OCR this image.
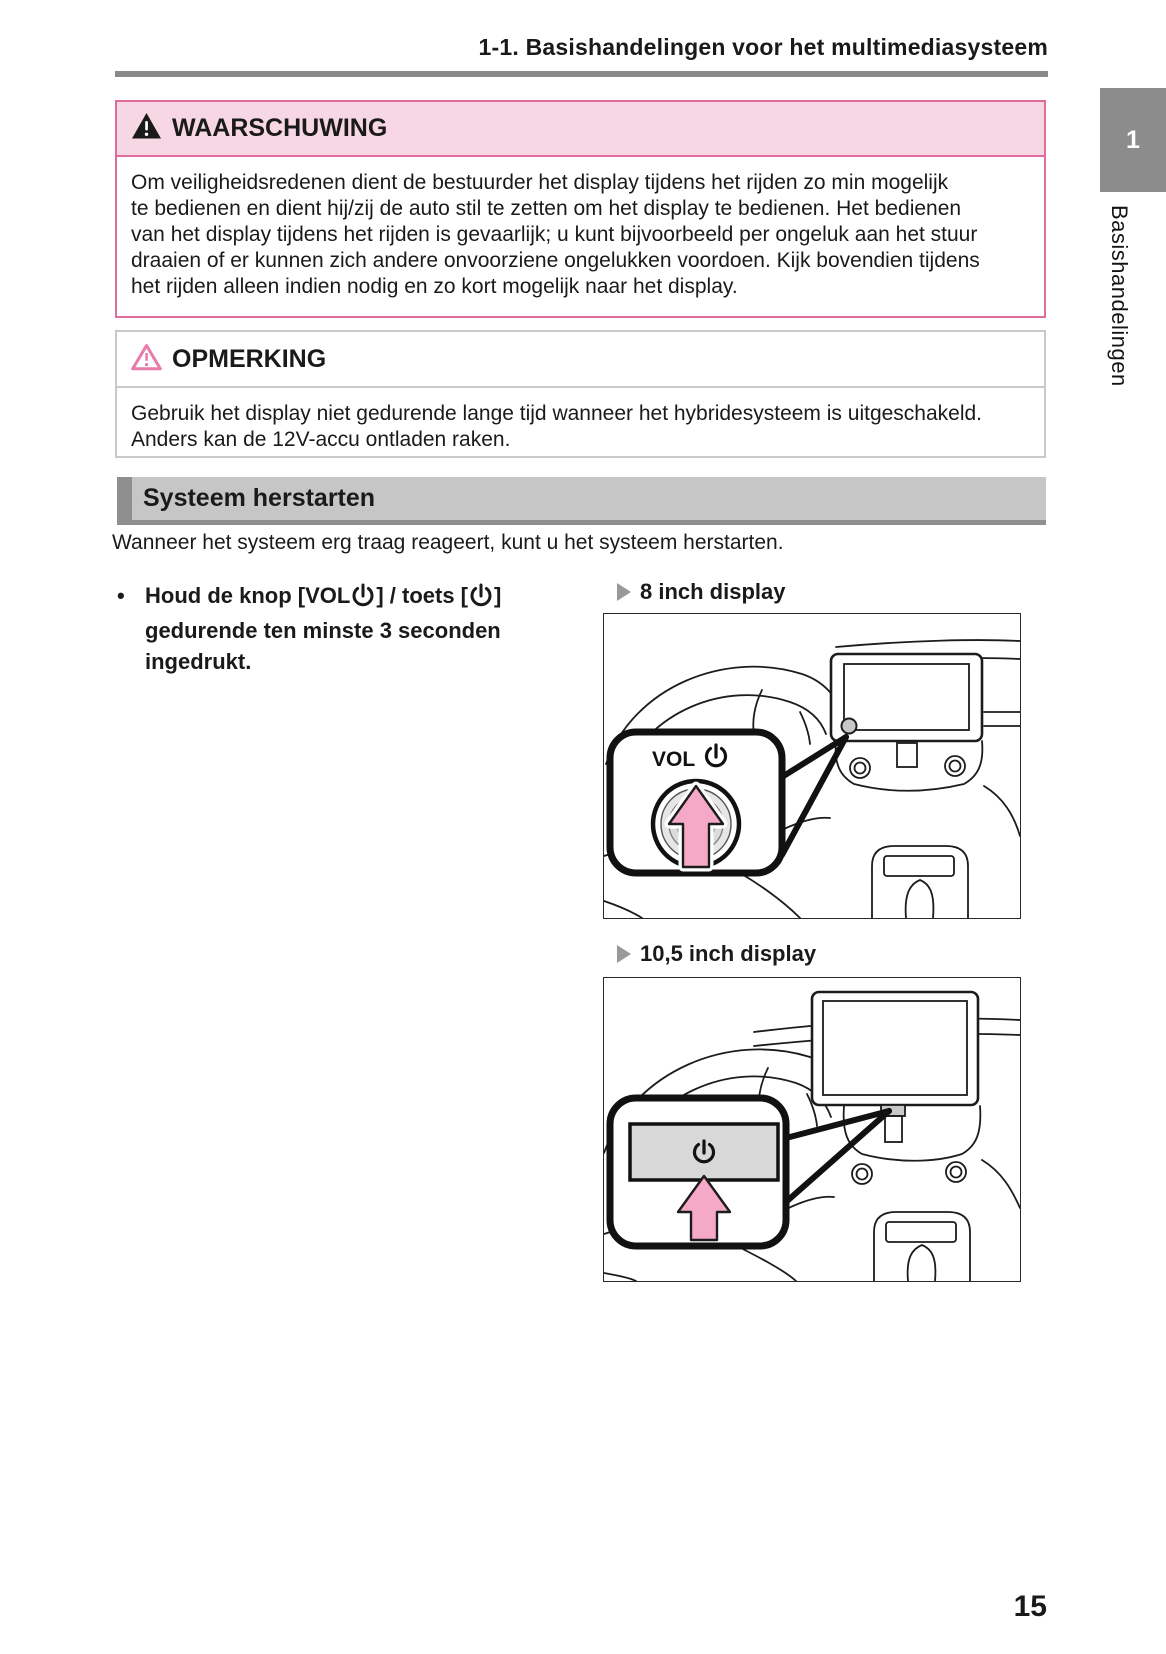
1-1. Basishandelingen voor het multimediasysteem
WAARSCHUWING
Om veiligheidsredenen dient de bestuurder het display tijdens het rijden zo min mogelijk
te bedienen en dient hij/zij de auto stil te zetten om het display te bedienen. Het bedienen
van het display tijdens het rijden is gevaarlijk; u kunt bijvoorbeeld per ongeluk aan het stuur
draaien of er kunnen zich andere onvoorziene ongelukken voordoen. Kijk bovendien tijdens
het rijden alleen indien nodig en zo kort mogelijk naar het display.
OPMERKING
Gebruik het display niet gedurende lange tijd wanneer het hybridesysteem is uitgeschakeld.
Anders kan de 12V-accu ontladen raken.
Systeem herstarten
Wanneer het systeem erg traag reageert, kunt u het systeem herstarten.
• Houd de knop [VOL ] / toets [ ]
gedurende ten minste 3 seconden
ingedrukt.
8 inch display
VOL
10,5 inch display
1
Basishandelingen
15
